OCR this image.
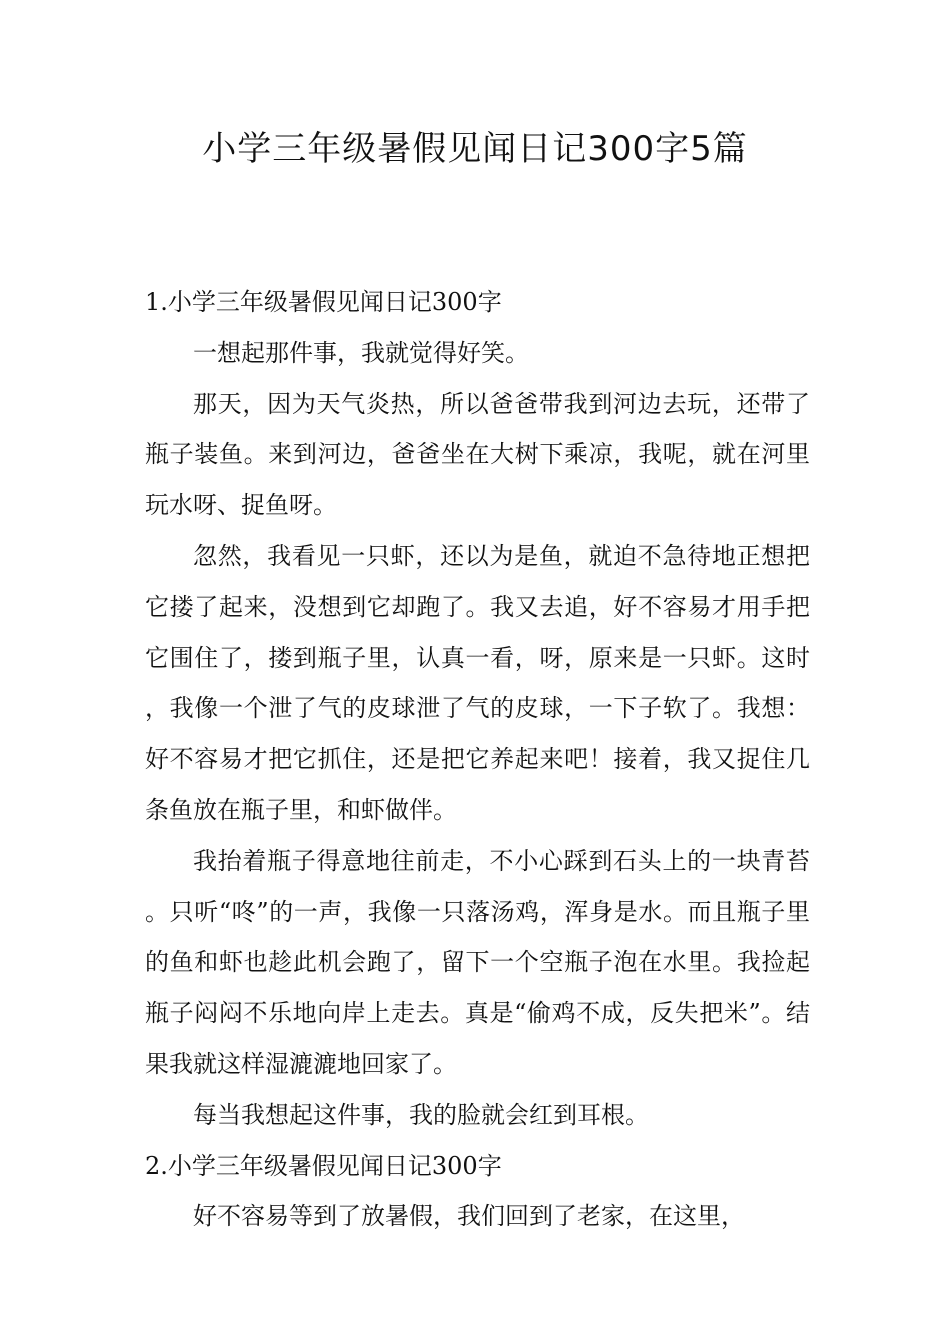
小学三年级暑假见闻日记300字5篇

1.小学三年级暑假见闻日记300字

一想起那件事，我就觉得好笑。

那天，因为天气炎热，所以爸爸带我到河边去玩，还带了瓶子装鱼。来到河边，爸爸坐在大树下乘凉，我呢，就在河里玩水呀、捉鱼呀。

忽然，我看见一只虾，还以为是鱼，就迫不急待地正想把它搂了起来，没想到它却跑了。我又去追，好不容易才用手把它围住了，搂到瓶子里，认真一看，呀，原来是一只虾。这时，我像一个泄了气的皮球泄了气的皮球，一下子软了。我想：好不容易才把它抓住，还是把它养起来吧！接着，我又捉住几条鱼放在瓶子里，和虾做伴。

我抬着瓶子得意地往前走，不小心踩到石头上的一块青苔。只听“咚”的一声，我像一只落汤鸡，浑身是水。而且瓶子里的鱼和虾也趁此机会跑了，留下一个空瓶子泡在水里。我捡起瓶子闷闷不乐地向岸上走去。真是“偷鸡不成，反失把米”。结果我就这样湿漉漉地回家了。

每当我想起这件事，我的脸就会红到耳根。

2.小学三年级暑假见闻日记300字

好不容易等到了放暑假，我们回到了老家，在这里，
